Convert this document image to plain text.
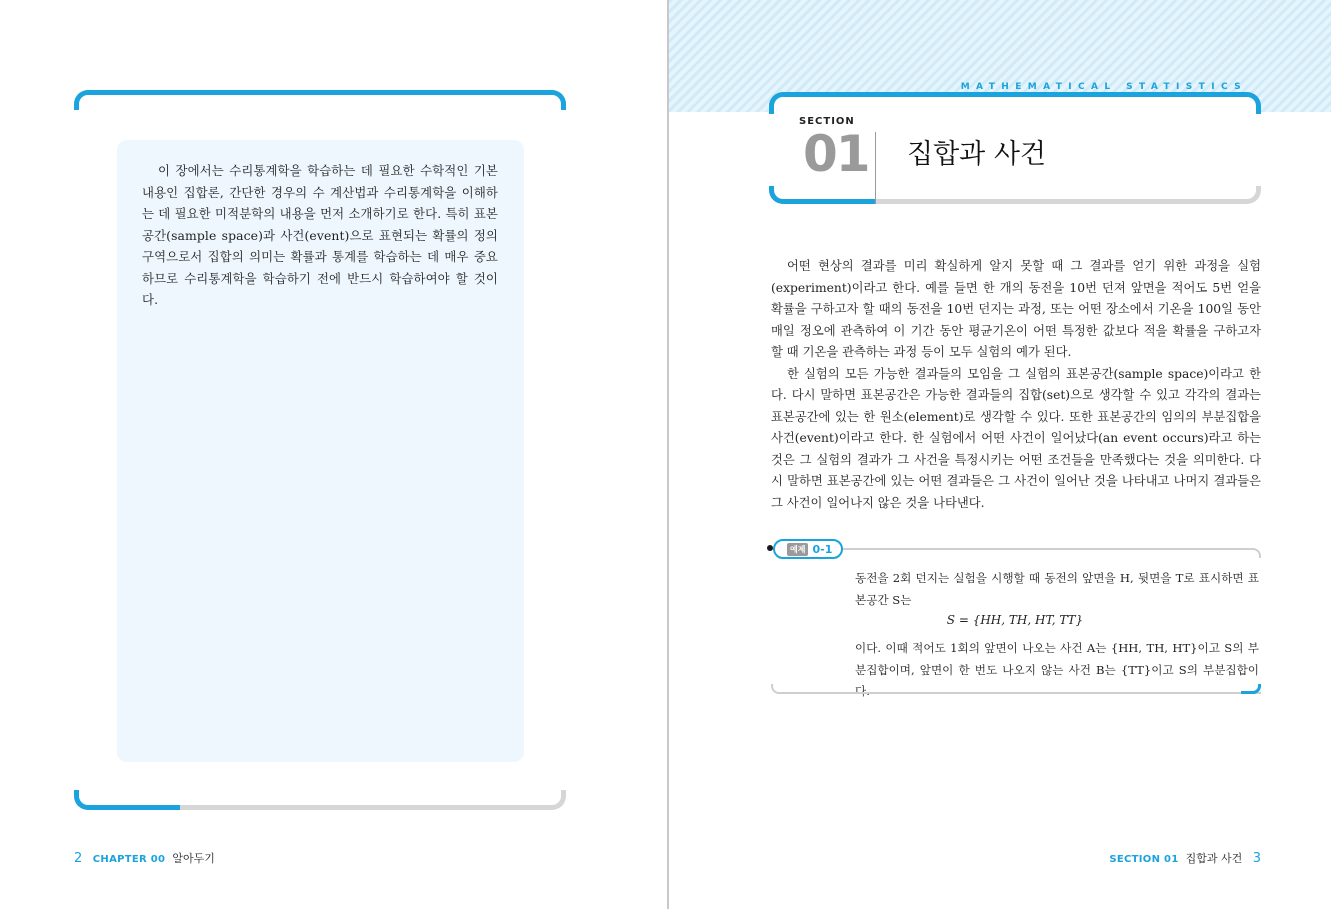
이 장에서는 수리통계학을 학습하는 데 필요한 수학적인 기본 내용인 집합론, 간단한 경우의 수 계산법과 수리통계학을 이해하는 데 필요한 미적분학의 내용을 먼저 소개하기로 한다. 특히 표본공간(sample space)과 사건(event)으로 표현되는 확률의 정의구역으로서 집합의 의미는 확률과 통계를 학습하는 데 매우 중요하므로 수리통계학을 학습하기 전에 반드시 학습하여야 할 것이다.
2 CHAPTER 00 알아두기
MATHEMATICAL STATISTICS
SECTION
01 집합과 사건

어떤 현상의 결과를 미리 확실하게 알지 못할 때 그 결과를 얻기 위한 과정을 실험(experiment)이라고 한다. 예를 들면 한 개의 동전을 10번 던져 앞면을 적어도 5번 얻을 확률을 구하고자 할 때의 동전을 10번 던지는 과정, 또는 어떤 장소에서 기온을 100일 동안 매일 정오에 관측하여 이 기간 동안 평균기온이 어떤 특정한 값보다 적을 확률을 구하고자 할 때 기온을 관측하는 과정 등이 모두 실험의 예가 된다.

한 실험의 모든 가능한 결과들의 모임을 그 실험의 표본공간(sample space)이라고 한다. 다시 말하면 표본공간은 가능한 결과들의 집합(set)으로 생각할 수 있고 각각의 결과는 표본공간에 있는 한 원소(element)로 생각할 수 있다. 또한 표본공간의 임의의 부분집합을 사건(event)이라고 한다. 한 실험에서 어떤 사건이 일어났다(an event occurs)라고 하는 것은 그 실험의 결과가 그 사건을 특정시키는 어떤 조건들을 만족했다는 것을 의미한다. 다시 말하면 표본공간에 있는 어떤 결과들은 그 사건이 일어난 것을 나타내고 나머지 결과들은 그 사건이 일어나지 않은 것을 나타낸다.

예제 0-1
동전을 2회 던지는 실험을 시행할 때 동전의 앞면을 H, 뒷면을 T로 표시하면 표본공간 S는
S = {HH, TH, HT, TT}
이다. 이때 적어도 1회의 앞면이 나오는 사건 A는 {HH, TH, HT}이고 S의 부분집합이며, 앞면이 한 번도 나오지 않는 사건 B는 {TT}이고 S의 부분집합이다.
SECTION 01 집합과 사건 3
